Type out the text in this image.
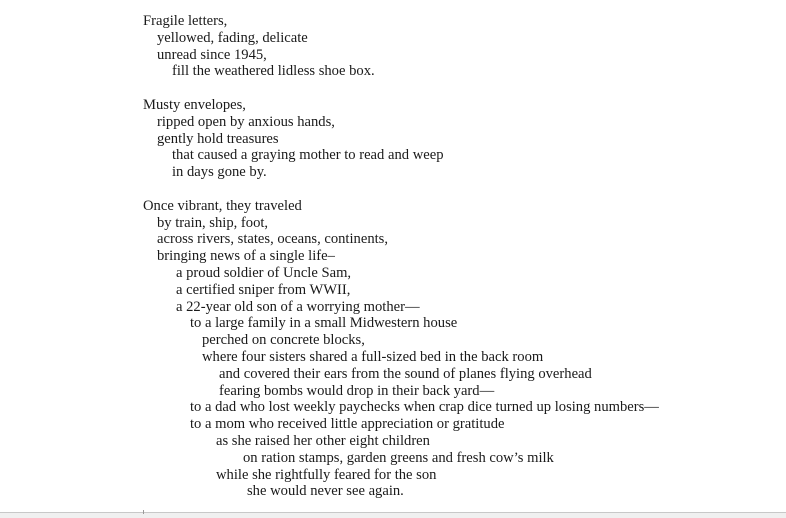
Fragile letters,
yellowed, fading, delicate
unread since 1945,
fill the weathered lidless shoe box.
Musty envelopes,
ripped open by anxious hands,
gently hold treasures
that caused a graying mother to read and weep
in days gone by.
Once vibrant, they traveled
by train, ship, foot,
across rivers, states, oceans, continents,
bringing news of a single life–
a proud soldier of Uncle Sam,
a certified sniper from WWII,
a 22-year old son of a worrying mother—
to a large family in a small Midwestern house
perched on concrete blocks,
where four sisters shared a full-sized bed in the back room
and covered their ears from the sound of planes flying overhead
fearing bombs would drop in their back yard—
to a dad who lost weekly paychecks when crap dice turned up losing numbers—
to a mom who received little appreciation or gratitude
as she raised her other eight children
on ration stamps, garden greens and fresh cow’s milk
while she rightfully feared for the son
she would never see again.
